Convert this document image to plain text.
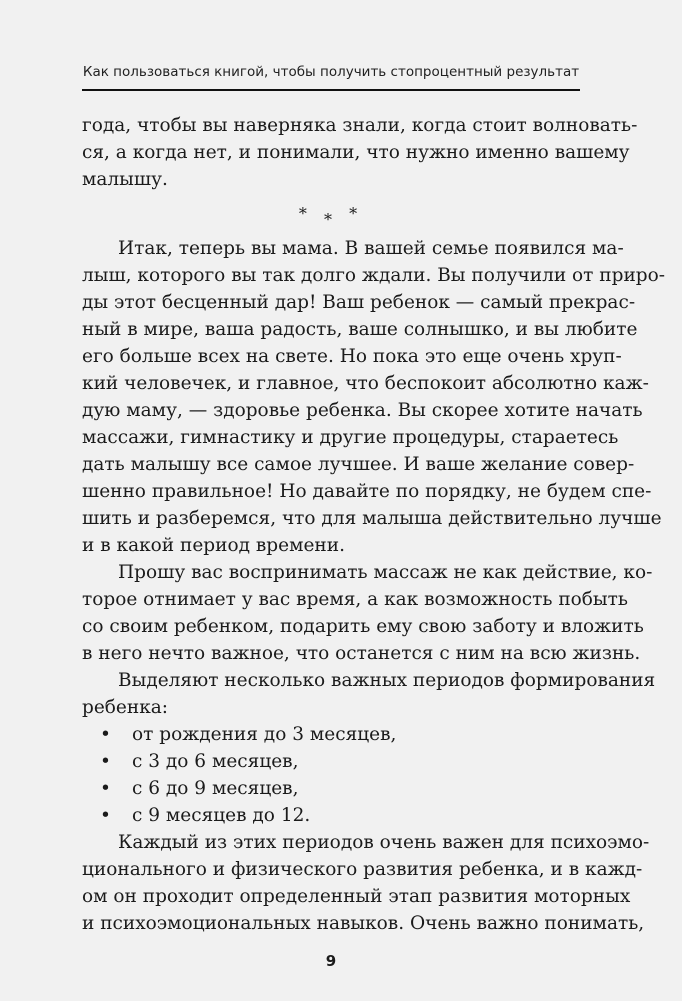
Как пользоваться книгой, чтобы получить стопроцентный результат
года, чтобы вы наверняка знали, когда стоит волновать-
ся, а когда нет, и понимали, что нужно именно вашему
малышу.
* * *
Итак, теперь вы мама. В вашей семье появился ма-
лыш, которого вы так долго ждали. Вы получили от приро-
ды этот бесценный дар! Ваш ребенок — самый прекрас-
ный в мире, ваша радость, ваше солнышко, и вы любите
его больше всех на свете. Но пока это еще очень хруп-
кий человечек, и главное, что беспокоит абсолютно каж-
дую маму, — здоровье ребенка. Вы скорее хотите начать
массажи, гимнастику и другие процедуры, стараетесь
дать малышу все самое лучшее. И ваше желание совер-
шенно правильное! Но давайте по порядку, не будем спе-
шить и разберемся, что для малыша действительно лучше
и в какой период времени.
Прошу вас воспринимать массаж не как действие, ко-
торое отнимает у вас время, а как возможность побыть
со своим ребенком, подарить ему свою заботу и вложить
в него нечто важное, что останется с ним на всю жизнь.
Выделяют несколько важных периодов формирования
ребенка:
• от рождения до 3 месяцев,
• с 3 до 6 месяцев,
• с 6 до 9 месяцев,
• с 9 месяцев до 12.
Каждый из этих периодов очень важен для психоэмо-
ционального и физического развития ребенка, и в кажд-
ом он проходит определенный этап развития моторных
и психоэмоциональных навыков. Очень важно понимать,
9
